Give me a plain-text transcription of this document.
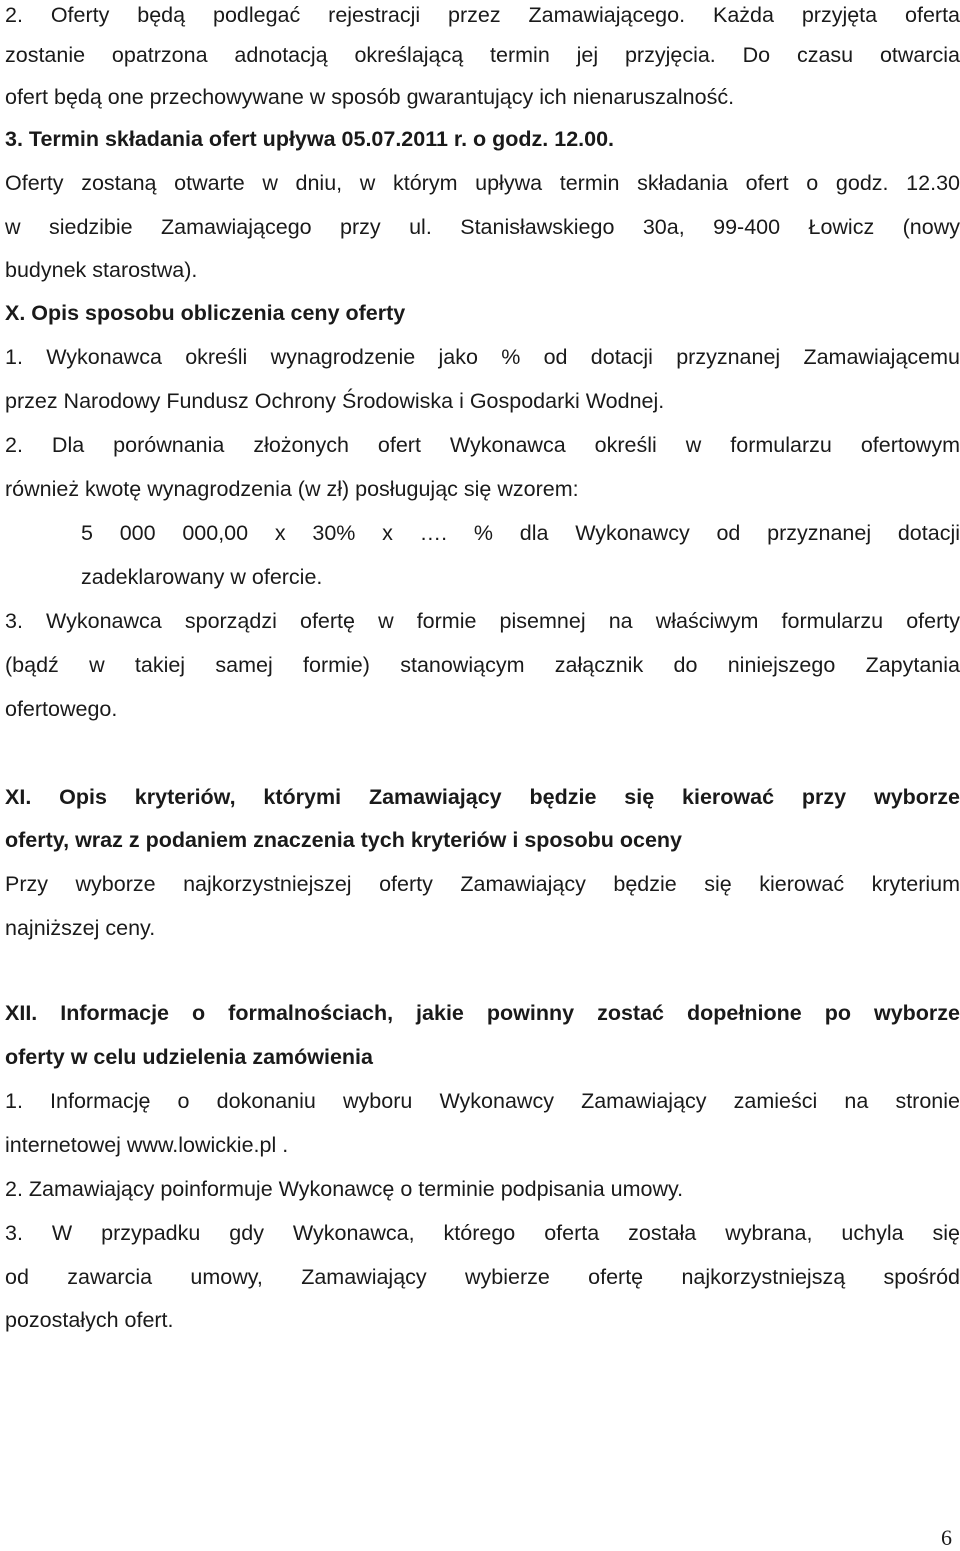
2. Oferty będą podlegać rejestracji przez Zamawiającego. Każda przyjęta oferta
zostanie opatrzona adnotacją określającą termin jej przyjęcia. Do czasu otwarcia
ofert będą one przechowywane w sposób gwarantujący ich nienaruszalność.
3. Termin składania ofert upływa 05.07.2011 r. o godz. 12.00.
Oferty zostaną otwarte w dniu, w którym upływa termin składania ofert o godz. 12.30
w siedzibie Zamawiającego przy ul. Stanisławskiego 30a, 99-400 Łowicz (nowy
budynek starostwa).
X. Opis sposobu obliczenia ceny oferty
1. Wykonawca określi wynagrodzenie jako % od dotacji przyznanej Zamawiającemu
przez Narodowy Fundusz Ochrony Środowiska i Gospodarki Wodnej.
2. Dla porównania złożonych ofert Wykonawca określi w formularzu ofertowym
również kwotę wynagrodzenia (w zł) posługując się wzorem:
5 000 000,00 x 30% x …. % dla Wykonawcy od przyznanej dotacji
zadeklarowany w ofercie.
3. Wykonawca sporządzi ofertę w formie pisemnej na właściwym formularzu oferty
(bądź w takiej samej formie) stanowiącym załącznik do niniejszego Zapytania
ofertowego.
XI. Opis kryteriów, którymi Zamawiający będzie się kierować przy wyborze
oferty, wraz z podaniem znaczenia tych kryteriów i sposobu oceny
Przy wyborze najkorzystniejszej oferty Zamawiający będzie się kierować kryterium
najniższej ceny.
XII. Informacje o formalnościach, jakie powinny zostać dopełnione po wyborze
oferty w celu udzielenia zamówienia
1. Informację o dokonaniu wyboru Wykonawcy Zamawiający zamieści na stronie
internetowej www.lowickie.pl .
2. Zamawiający poinformuje Wykonawcę o terminie podpisania umowy.
3. W przypadku gdy Wykonawca, którego oferta została wybrana, uchyla się
od zawarcia umowy, Zamawiający wybierze ofertę najkorzystniejszą spośród
pozostałych ofert.
6
